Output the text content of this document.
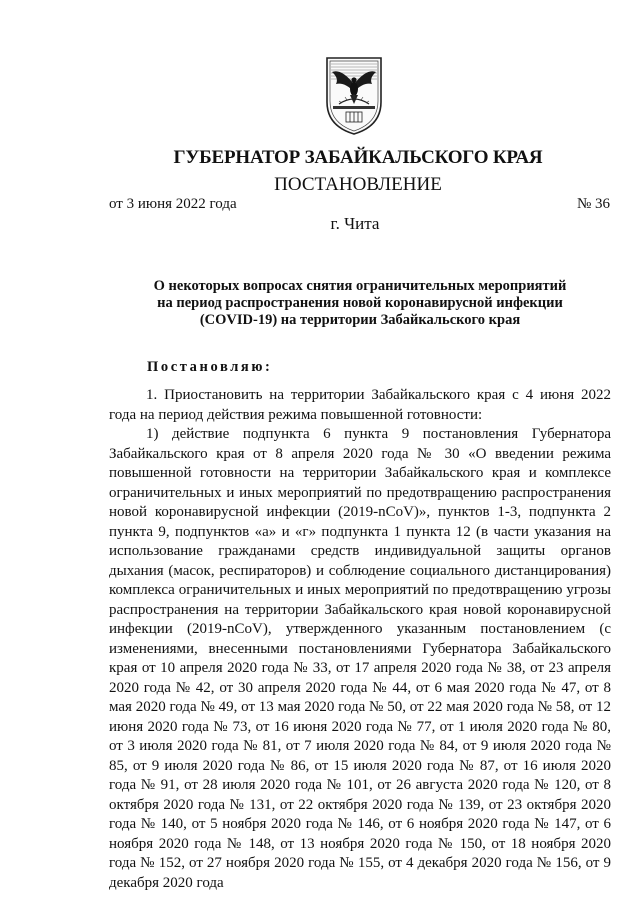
ГУБЕРНАТОР ЗАБАЙКАЛЬСКОГО КРАЯ
ПОСТАНОВЛЕНИЕ
от 3 июня 2022 года	№ 36
г. Чита
О некоторых вопросах снятия ограничительных мероприятий
на период распространения новой коронавирусной инфекции
(COVID-19) на территории Забайкальского края
Постановляю:

1. Приостановить на территории Забайкальского края с 4 июня 2022 года на период действия режима повышенной готовности:

1) действие подпункта 6 пункта 9 постановления Губернатора Забайкальского края от 8 апреля 2020 года № 30 «О введении режима повышенной готовности на территории Забайкальского края и комплексе ограничительных и иных мероприятий по предотвращению распространения новой коронавирусной инфекции (2019-nCoV)», пунктов 1-3, подпункта 2 пункта 9, подпунктов «а» и «г» подпункта 1 пункта 12 (в части указания на использование гражданами средств индивидуальной защиты органов дыхания (масок, респираторов) и соблюдение социального дистанцирования) комплекса ограничительных и иных мероприятий по предотвращению угрозы распространения на территории Забайкальского края новой коронавирусной инфекции (2019-nCoV), утвержденного указанным постановлением (с изменениями, внесенными постановлениями Губернатора Забайкальского края от 10 апреля 2020 года № 33, от 17 апреля 2020 года № 38, от 23 апреля 2020 года № 42, от 30 апреля 2020 года № 44, от 6 мая 2020 года № 47, от 8 мая 2020 года № 49, от 13 мая 2020 года № 50, от 22 мая 2020 года № 58, от 12 июня 2020 года № 73, от 16 июня 2020 года № 77, от 1 июля 2020 года № 80, от 3 июля 2020 года № 81, от 7 июля 2020 года № 84, от 9 июля 2020 года № 85, от 9 июля 2020 года № 86, от 15 июля 2020 года № 87, от 16 июля 2020 года № 91, от 28 июля 2020 года № 101, от 26 августа 2020 года № 120, от 8 октября 2020 года № 131, от 22 октября 2020 года № 139, от 23 октября 2020 года № 140, от 5 ноября 2020 года № 146, от 6 ноября 2020 года № 147, от 6 ноября 2020 года № 148, от 13 ноября 2020 года № 150, от 18 ноября 2020 года № 152, от 27 ноября 2020 года № 155, от 4 декабря 2020 года № 156, от 9 декабря 2020 года
